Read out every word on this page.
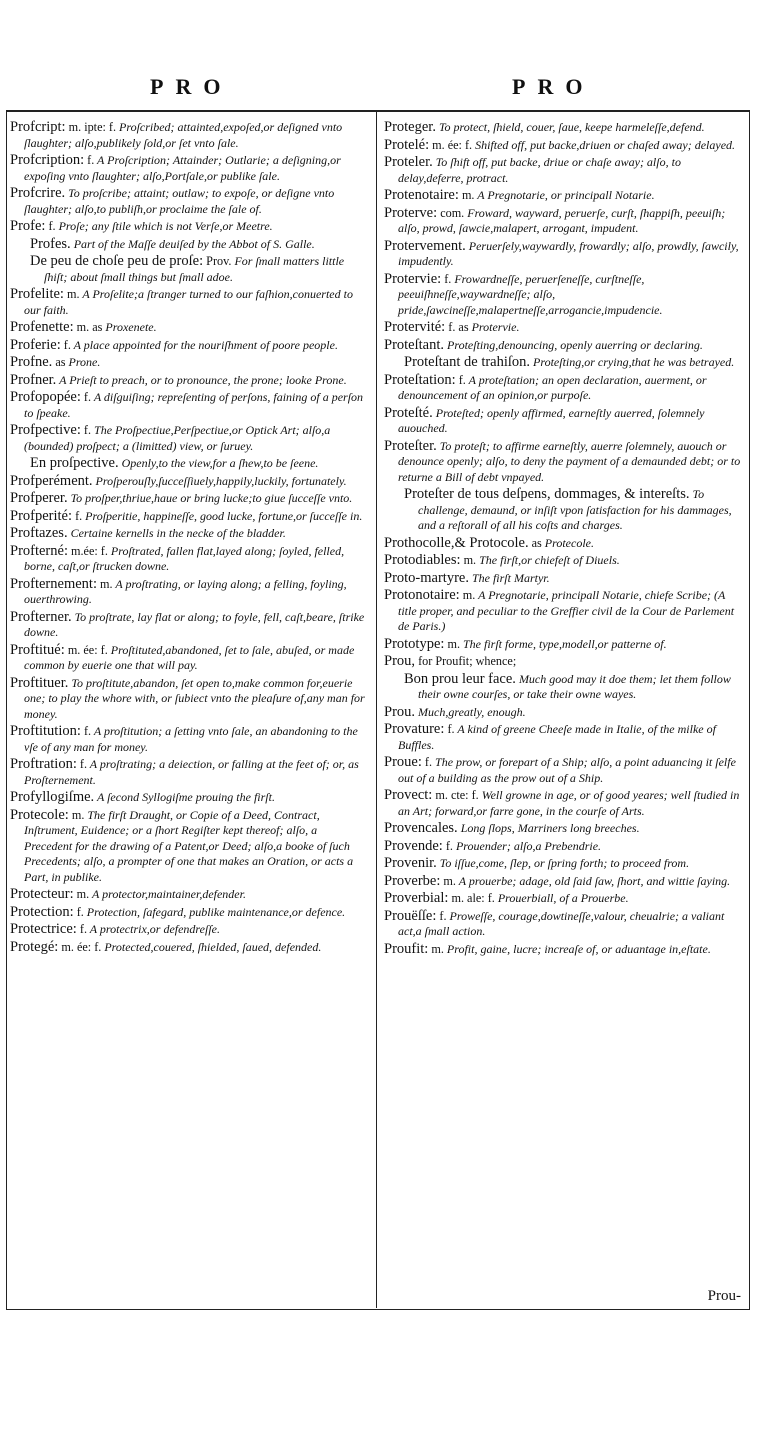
PRO	PRO
Profcript: m. ipte: f. Proſcribed; attainted,expoſed,or deſigned vnto ſlaughter; alſo,publikely ſold,or ſet vnto ſale.
Profcription: f. A Proſcription; Attainder; Outlarie; a deſigning,or expoſing vnto ſlaughter; alſo,Portſale,or publike ſale.
Profcrire. To proſcribe; attaint; outlaw; to expoſe, or deſigne vnto ſlaughter; alſo,to publiſh,or proclaime the ſale of.
Profe: f. Proſe; any ſtile which is not Verſe,or Meetre.
Profes. Part of the Maſſe deuiſed by the Abbot of S. Galle.
De peu de choſe peu de proſe: Prov. For ſmall matters little ſhiſt; about ſmall things but ſmall adoe.
Profelite: m. A Proſelite;a ſtranger turned to our faſhion,conuerted to our faith.
Profenette: m. as Proxenete.
Proferie: f. A place appointed for the nouriſhment of poore people.
Profne. as Prone.
Profner. A Prieſt to preach, or to pronounce, the prone; looke Prone.
Profopopée: f. A diſguiſing; repreſenting of perſons, faining of a perſon to ſpeake.
Profpective: f. The Proſpectiue,Perſpectiue,or Optick Art; alſo,a (bounded) proſpect; a (limitted) view, or ſuruey.
En proſpective. Openly,to the view,for a ſhew,to be ſeene.
Profperément. Proſperouſly,ſucceſſiuely,happily,luckily, fortunately.
Profperer. To proſper,thriue,haue or bring lucke;to giue ſucceſſe vnto.
Profperité: f. Proſperitie, happineſſe, good lucke, fortune,or ſucceſſe in.
Proftazes. Certaine kernells in the necke of the bladder.
Profterné: m.ée: f. Proſtrated, fallen flat,layed along; ſoyled, felled, borne, caſt,or ſtrucken downe.
Profternement: m. A proſtrating, or laying along; a felling, foyling, ouerthrowing.
Profterner. To proſtrate, lay flat or along; to foyle, fell, caſt,beare, ſtrike downe.
Proftitué: m. ée: f. Proſtituted,abandoned, ſet to ſale, abuſed, or made common by euerie one that will pay.
Proftituer. To proſtitute,abandon, ſet open to,make common for,euerie one; to play the whore with, or ſubiect vnto the pleaſure of,any man for money.
Proftitution: f. A proſtitution; a ſetting vnto ſale, an abandoning to the vſe of any man for money.
Proftration: f. A proſtrating; a deiection, or falling at the feet of; or, as Proſternement.
Profyllogiſme. A ſecond Syllogiſme prouing the firſt.
Protecole: m. The firſt Draught, or Copie of a Deed, Contract, Inſtrument, Euidence; or a ſhort Regiſter kept thereof; alſo, a Precedent for the drawing of a Patent,or Deed; alſo,a booke of ſuch Precedents; alſo, a prompter of one that makes an Oration, or acts a Part, in publike.
Protecteur: m. A protector,maintainer,defender.
Protection: f. Protection, ſafegard, publike maintenance,or defence.
Protectrice: f. A protectrix,or defendreſſe.
Protegé: m. ée: f. Protected,couered, ſhielded, ſaued, defended.
Proteger. To protect, ſhield, couer, ſaue, keepe harmeleſſe,defend.
Protelé: m. ée: f. Shifted off, put backe,driuen or chaſed away; delayed.
Proteler. To ſhift off, put backe, driue or chaſe away; alſo, to delay,deferre, protract.
Protenotaire: m. A Pregnotarie, or principall Notarie.
Proterve: com. Froward, wayward, peruerſe, curſt, ſhappiſh, peeuiſh; alſo, prowd, ſawcie,malapert, arrogant, impudent.
Protervement. Peruerſely,waywardly, frowardly; alſo, prowdly, ſawcily, impudently.
Protervie: f. Frowardneſſe, peruerſeneſſe, curſtneſſe, peeuiſhneſſe,waywardneſſe; alſo, pride,ſawcineſſe,malapertneſſe,arrogancie,impudencie.
Protervité: f. as Protervie.
Proteſtant. Proteſting,denouncing, openly auerring or declaring.
Proteſtant de trahiſon. Proteſting,or crying,that he was betrayed.
Proteſtation: f. A proteſtation; an open declaration, auerment, or denouncement of an opinion,or purpoſe.
Proteſté. Proteſted; openly affirmed, earneſtly auerred, ſolemnely auouched.
Proteſter. To proteſt; to affirme earneſtly, auerre ſolemnely, auouch or denounce openly; alſo, to deny the payment of a demaunded debt; or to returne a Bill of debt vnpayed.
Proteſter de tous deſpens, dommages, & intereſts. To challenge, demaund, or inſiſt vpon ſatisfaction for his dammages, and a reſtorall of all his coſts and charges.
Prothocolle,& Protocole. as Protecole.
Protodiables: m. The firſt,or chiefeſt of Diuels.
Proto-martyre. The firſt Martyr.
Protonotaire: m. A Pregnotarie, principall Notarie, chiefe Scribe; (A title proper, and peculiar to the Greffier civil de la Cour de Parlement de Paris.)
Prototype: m. The firſt forme, type,modell,or patterne of.
Prou, for Proufit; whence;
Bon prou leur face. Much good may it doe them; let them follow their owne courſes, or take their owne wayes.
Prou. Much,greatly, enough.
Provature: f. A kind of greene Cheeſe made in Italie, of the milke of Buffles.
Proue: f. The prow, or forepart of a Ship; alſo, a point aduancing it ſelfe out of a building as the prow out of a Ship.
Provect: m. cte: f. Well growne in age, or of good yeares; well ſtudied in an Art; forward,or farre gone, in the courſe of Arts.
Provencales. Long ſlops, Marriners long breeches.
Provende: f. Prouender; alſo,a Prebendrie.
Provenir. To iſſue,come, ſlep, or ſpring forth; to proceed from.
Proverbe: m. A prouerbe; adage, old ſaid ſaw, ſhort, and wittie ſaying.
Proverbial: m. ale: f. Prouerbiall, of a Prouerbe.
Prouëſſe: f. Proweſſe, courage,dowtineſſe,valour, cheualrie; a valiant act,a ſmall action.
Proufit: m. Profit, gaine, lucre; increaſe of, or aduantage in,eſtate.
Prou-
